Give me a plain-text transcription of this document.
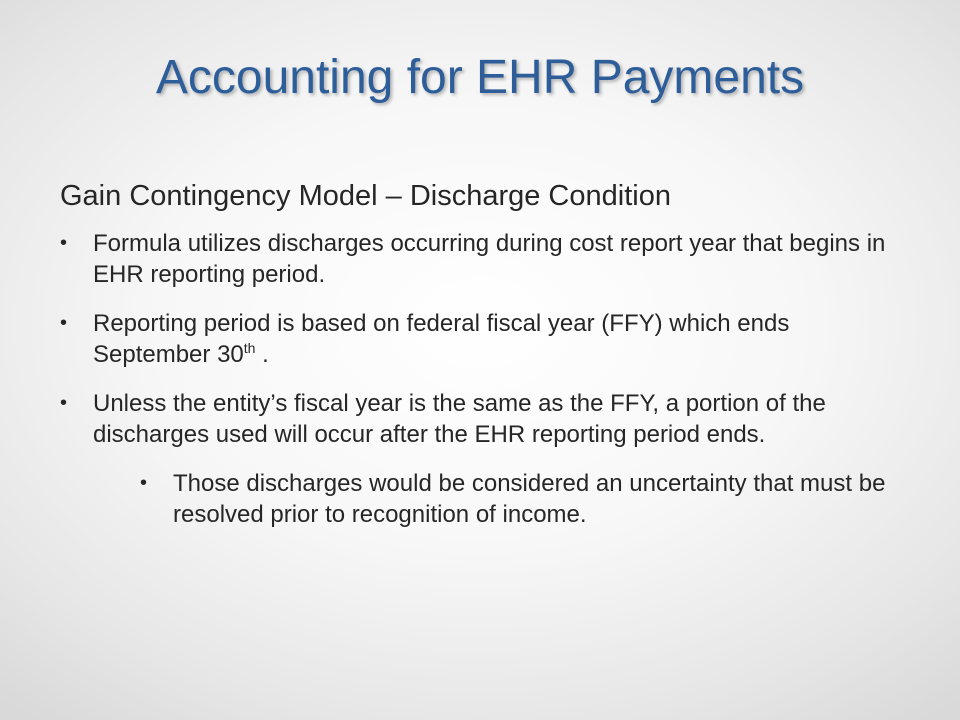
Accounting for EHR Payments
Gain Contingency Model – Discharge Condition
• Formula utilizes discharges occurring during cost report year that begins in EHR reporting period.
• Reporting period is based on federal fiscal year (FFY) which ends September 30th .
• Unless the entity’s fiscal year is the same as the FFY, a portion of the discharges used will occur after the EHR reporting period ends.
• Those discharges would be considered an uncertainty that must be resolved prior to recognition of income.
